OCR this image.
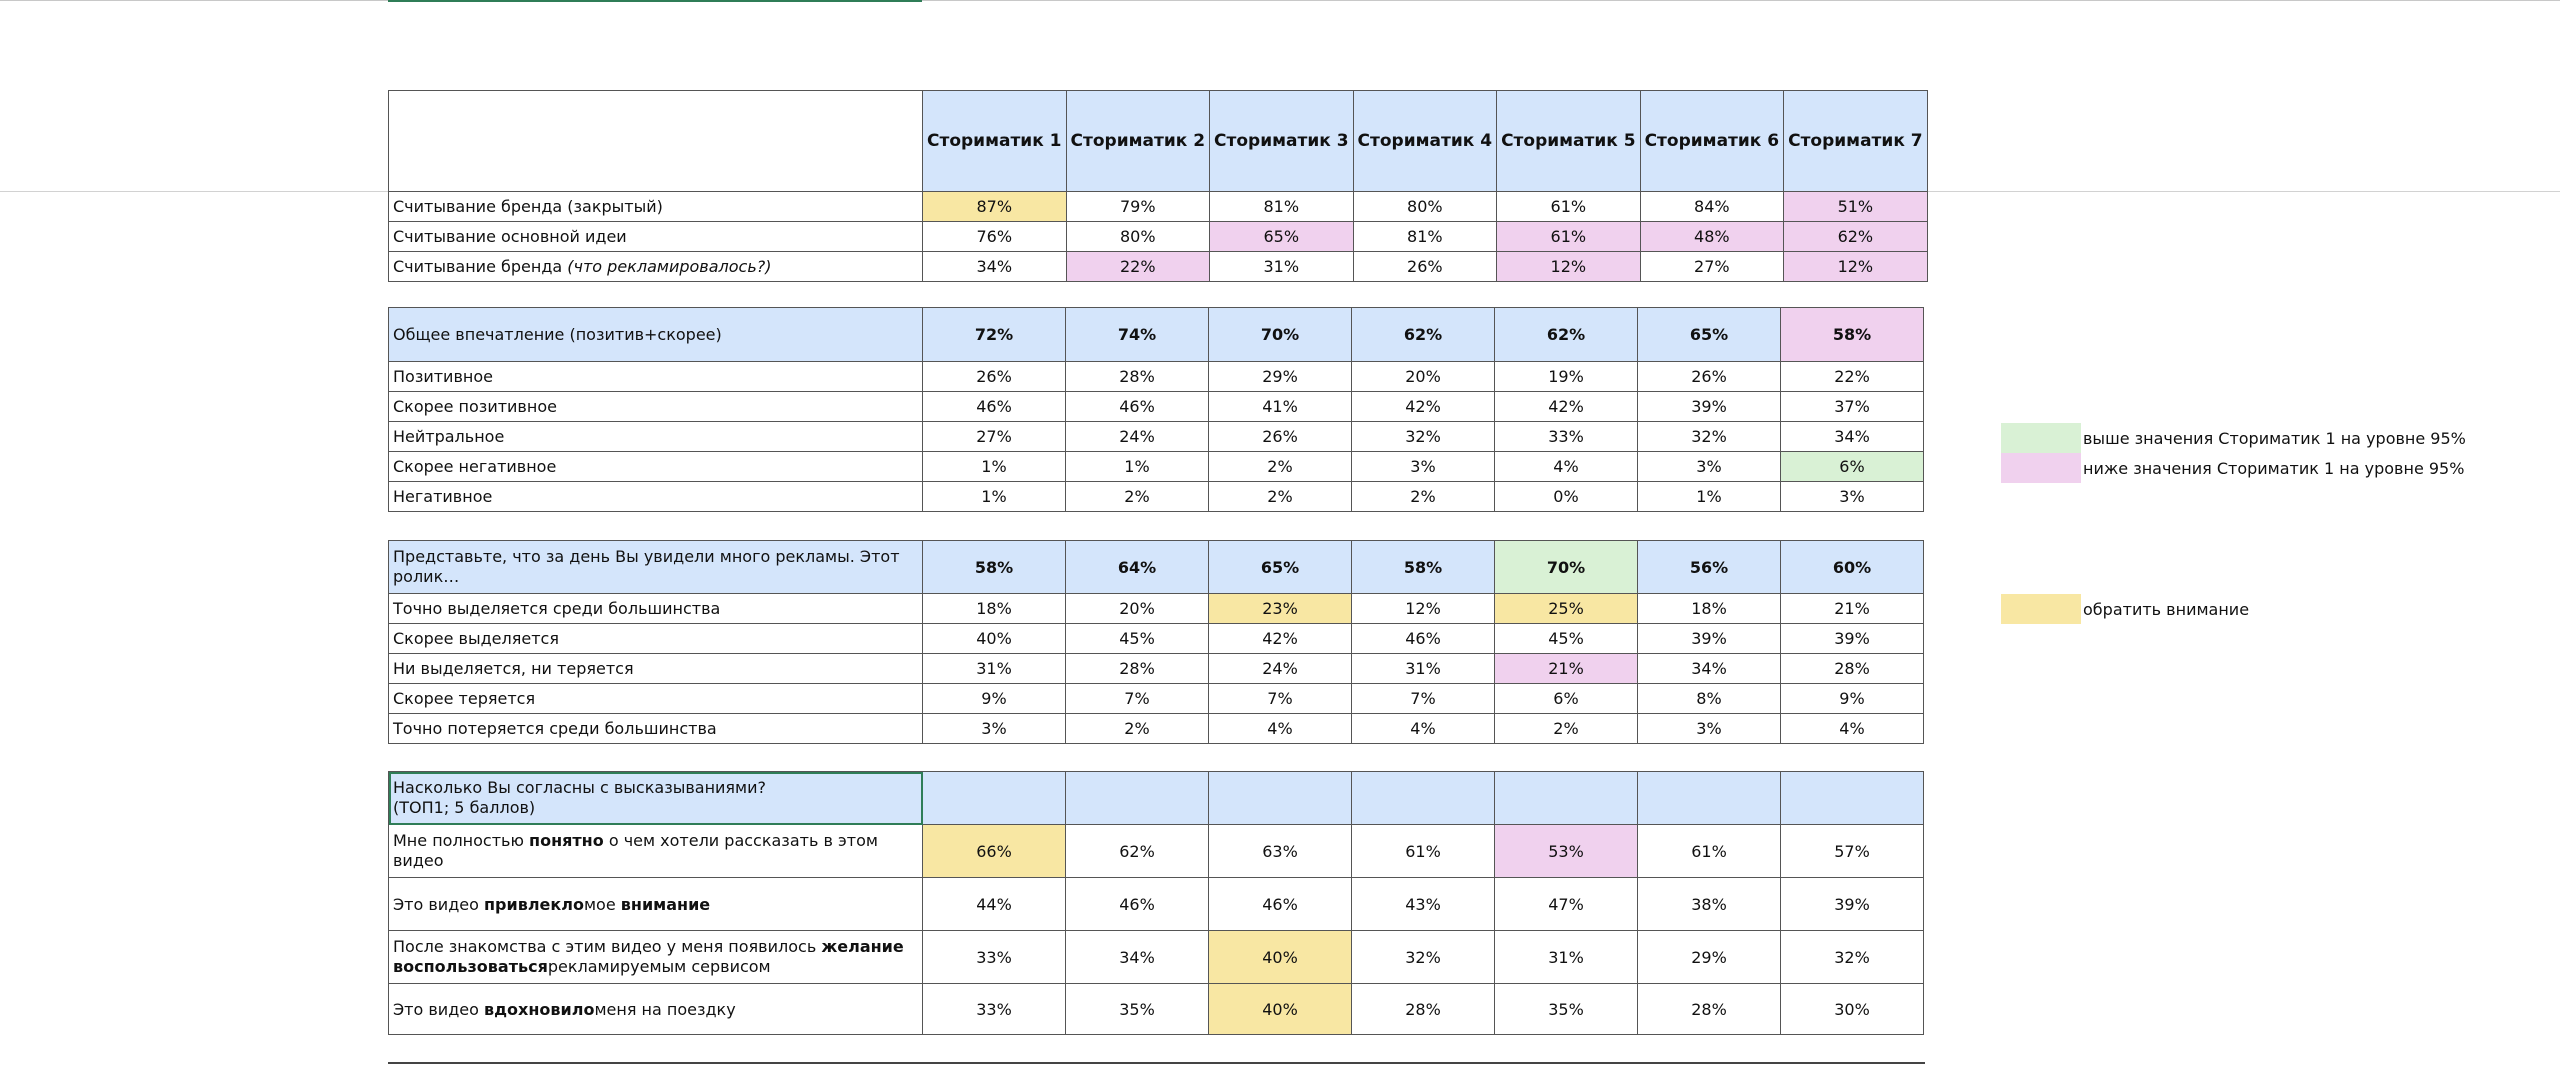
	Сториматик 1	Сториматик 2	Сториматик 3	Сториматик 4	Сториматик 5	Сториматик 6	Сториматик 7
Считывание бренда (закрытый)	87%	79%	81%	80%	61%	84%	51%
Считывание основной идеи	76%	80%	65%	81%	61%	48%	62%
Считывание бренда (что рекламировалось?)	34%	22%	31%	26%	12%	27%	12%
Общее впечатление (позитив+скорее)	72%	74%	70%	62%	62%	65%	58%
Позитивное	26%	28%	29%	20%	19%	26%	22%
Скорее позитивное	46%	46%	41%	42%	42%	39%	37%
Нейтральное	27%	24%	26%	32%	33%	32%	34%
Скорее негативное	1%	1%	2%	3%	4%	3%	6%
Негативное	1%	2%	2%	2%	0%	1%	3%
Представьте, что за день Вы увидели много рекламы. Этот ролик…	58%	64%	65%	58%	70%	56%	60%
Точно выделяется среди большинства	18%	20%	23%	12%	25%	18%	21%
Скорее выделяется	40%	45%	42%	46%	45%	39%	39%
Ни выделяется, ни теряется	31%	28%	24%	31%	21%	34%	28%
Скорее теряется	9%	7%	7%	7%	6%	8%	9%
Точно потеряется среди большинства	3%	2%	4%	4%	2%	3%	4%
Насколько Вы согласны с высказываниями?
(ТОП1; 5 баллов)							

Мне полностью понятно о чем хотели рассказать в этом видео	66%	62%	63%	61%	53%	61%	57%
Это видео привлекломое внимание	44%	46%	46%	43%	47%	38%	39%
После знакомства с этим видео у меня появилось желание воспользоватьсярекламируемым сервисом	33%	34%	40%	32%	31%	29%	32%
Это видео вдохновиломеня на поездку	33%	35%	40%	28%	35%	28%	30%
выше значения Сториматик 1 на уровне 95%
ниже значения Сториматик 1 на уровне 95%
обратить внимание
